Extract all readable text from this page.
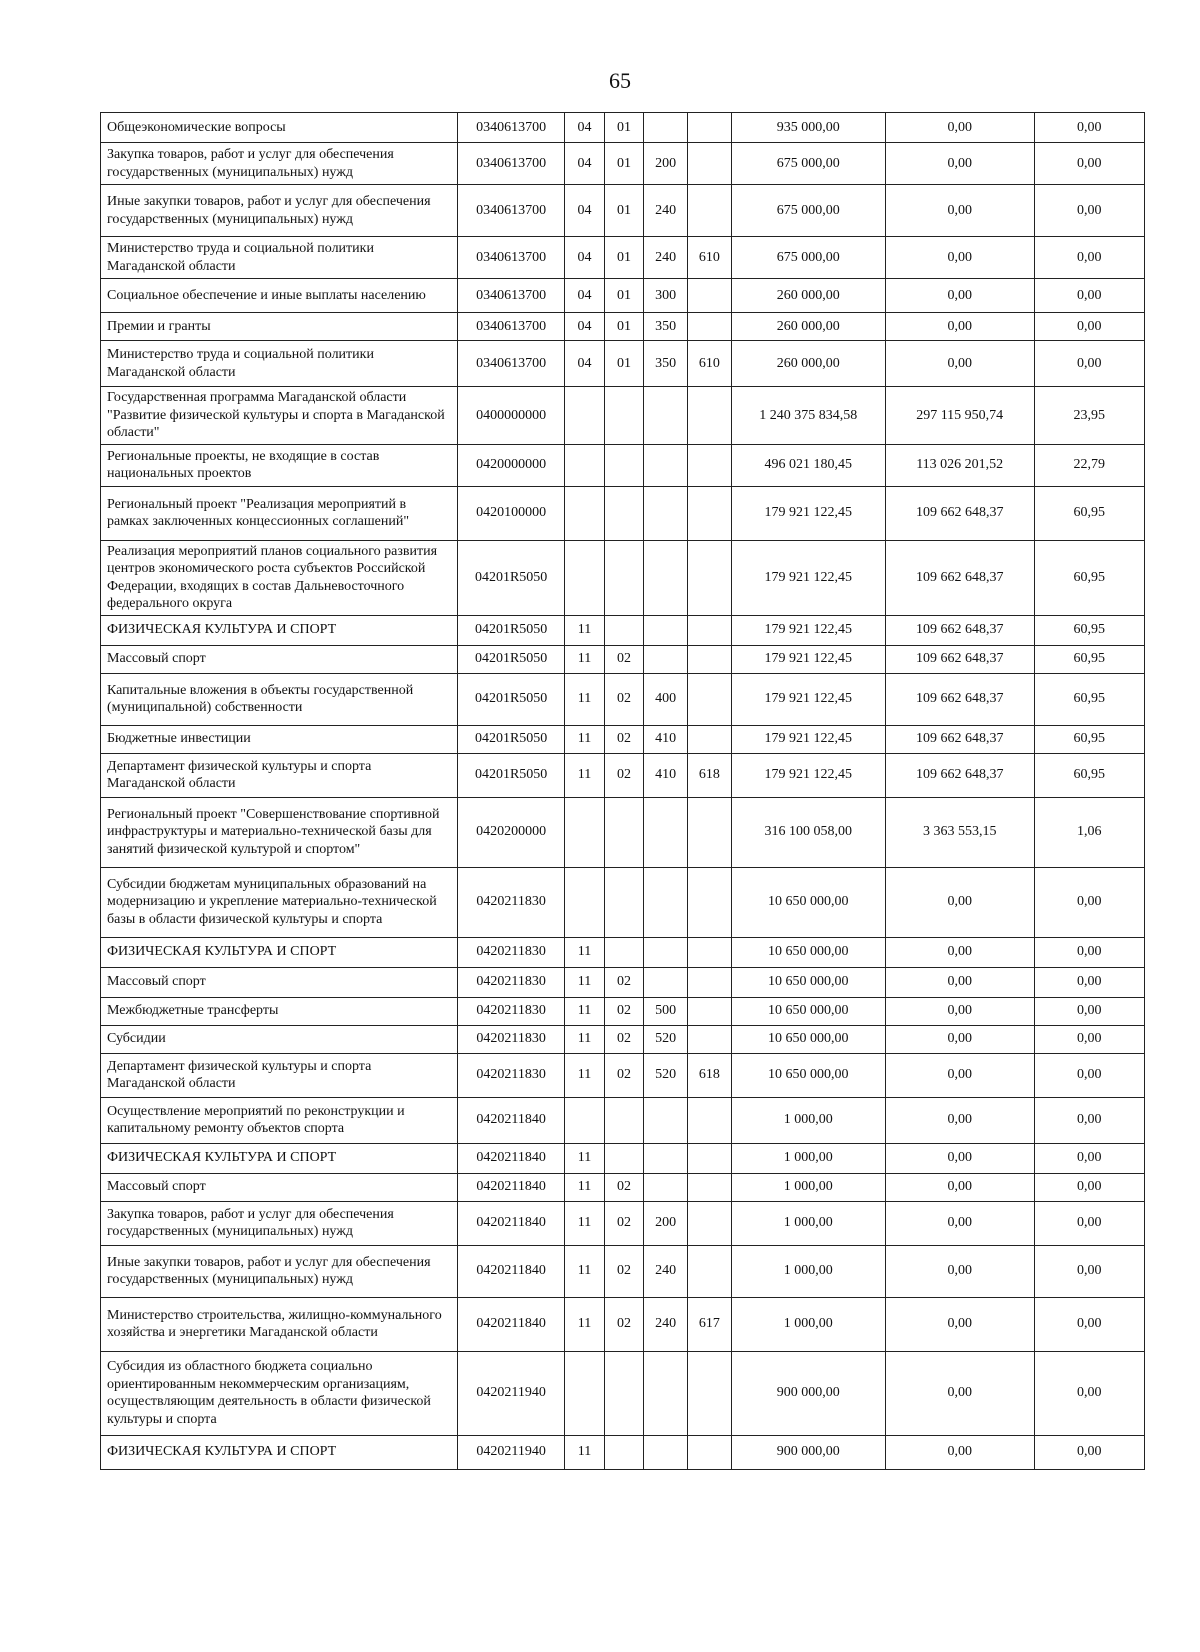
65
Общеэкономические вопросы	0340613700	04	01			935 000,00	0,00	0,00
Закупка товаров, работ и услуг для обеспечения государственных (муниципальных) нужд	0340613700	04	01	200		675 000,00	0,00	0,00
Иные закупки товаров, работ и услуг для обеспечения государственных (муниципальных) нужд	0340613700	04	01	240		675 000,00	0,00	0,00
Министерство труда и социальной политики Магаданской области	0340613700	04	01	240	610	675 000,00	0,00	0,00
Социальное обеспечение и иные выплаты населению	0340613700	04	01	300		260 000,00	0,00	0,00
Премии и гранты	0340613700	04	01	350		260 000,00	0,00	0,00
Министерство труда и социальной политики Магаданской области	0340613700	04	01	350	610	260 000,00	0,00	0,00
Государственная программа Магаданской области "Развитие физической культуры и спорта в Магаданской области"	0400000000					1 240 375 834,58	297 115 950,74	23,95
Региональные проекты, не входящие в состав национальных проектов	0420000000					496 021 180,45	113 026 201,52	22,79
Региональный проект "Реализация мероприятий в рамках заключенных концессионных соглашений"	0420100000					179 921 122,45	109 662 648,37	60,95
Реализация мероприятий планов социального развития центров экономического роста субъектов Российской Федерации, входящих в состав Дальневосточного федерального округа	04201R5050					179 921 122,45	109 662 648,37	60,95
ФИЗИЧЕСКАЯ КУЛЬТУРА И СПОРТ	04201R5050	11				179 921 122,45	109 662 648,37	60,95
Массовый спорт	04201R5050	11	02			179 921 122,45	109 662 648,37	60,95
Капитальные вложения в объекты государственной (муниципальной) собственности	04201R5050	11	02	400		179 921 122,45	109 662 648,37	60,95
Бюджетные инвестиции	04201R5050	11	02	410		179 921 122,45	109 662 648,37	60,95
Департамент физической культуры и спорта Магаданской области	04201R5050	11	02	410	618	179 921 122,45	109 662 648,37	60,95
Региональный проект "Совершенствование спортивной инфраструктуры и материально-технической базы для занятий физической культурой и спортом"	0420200000					316 100 058,00	3 363 553,15	1,06
Субсидии бюджетам муниципальных образований на модернизацию и укрепление материально-технической базы в области физической культуры и спорта	0420211830					10 650 000,00	0,00	0,00
ФИЗИЧЕСКАЯ КУЛЬТУРА И СПОРТ	0420211830	11				10 650 000,00	0,00	0,00
Массовый спорт	0420211830	11	02			10 650 000,00	0,00	0,00
Межбюджетные трансферты	0420211830	11	02	500		10 650 000,00	0,00	0,00
Субсидии	0420211830	11	02	520		10 650 000,00	0,00	0,00
Департамент физической культуры и спорта Магаданской области	0420211830	11	02	520	618	10 650 000,00	0,00	0,00
Осуществление мероприятий по реконструкции и капитальному ремонту объектов спорта	0420211840					1 000,00	0,00	0,00
ФИЗИЧЕСКАЯ КУЛЬТУРА И СПОРТ	0420211840	11				1 000,00	0,00	0,00
Массовый спорт	0420211840	11	02			1 000,00	0,00	0,00
Закупка товаров, работ и услуг для обеспечения государственных (муниципальных) нужд	0420211840	11	02	200		1 000,00	0,00	0,00
Иные закупки товаров, работ и услуг для обеспечения государственных (муниципальных) нужд	0420211840	11	02	240		1 000,00	0,00	0,00
Министерство строительства, жилищно-коммунального хозяйства и энергетики Магаданской области	0420211840	11	02	240	617	1 000,00	0,00	0,00
Субсидия из областного бюджета социально ориентированным некоммерческим организациям, осуществляющим деятельность в области физической культуры и спорта	0420211940					900 000,00	0,00	0,00
ФИЗИЧЕСКАЯ КУЛЬТУРА И СПОРТ	0420211940	11				900 000,00	0,00	0,00
